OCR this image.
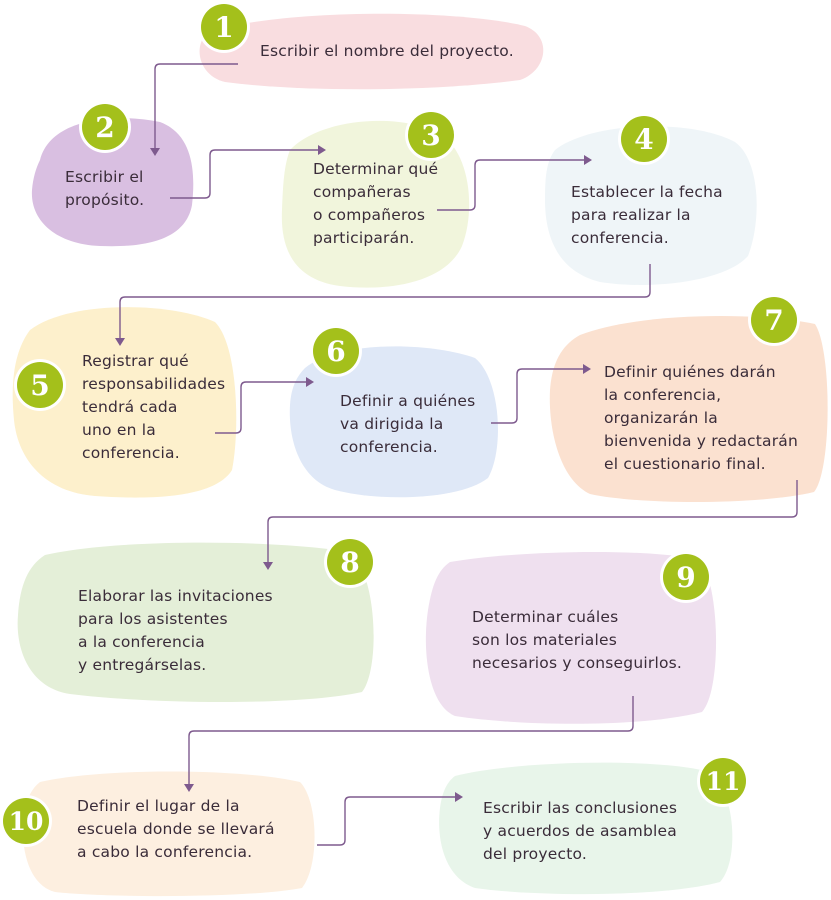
Escribir el nombre del proyecto.
Escribir el
propósito.
Determinar qué
compañeras
o compañeros
participarán.
Establecer la fecha
para realizar la
conferencia.
Registrar qué
responsabilidades
tendrá cada
uno en la
conferencia.
Definir a quiénes
va dirigida la
conferencia.
Definir quiénes darán
la conferencia,
organizarán la
bienvenida y redactarán
el cuestionario final.
Elaborar las invitaciones
para los asistentes
a la conferencia
y entregárselas.
Determinar cuáles
son los materiales
necesarios y conseguirlos.
Definir el lugar de la
escuela donde se llevará
a cabo la conferencia.
Escribir las conclusiones
y acuerdos de asamblea
del proyecto.
1
2	3	4
5
6
7
8	9
10
11
